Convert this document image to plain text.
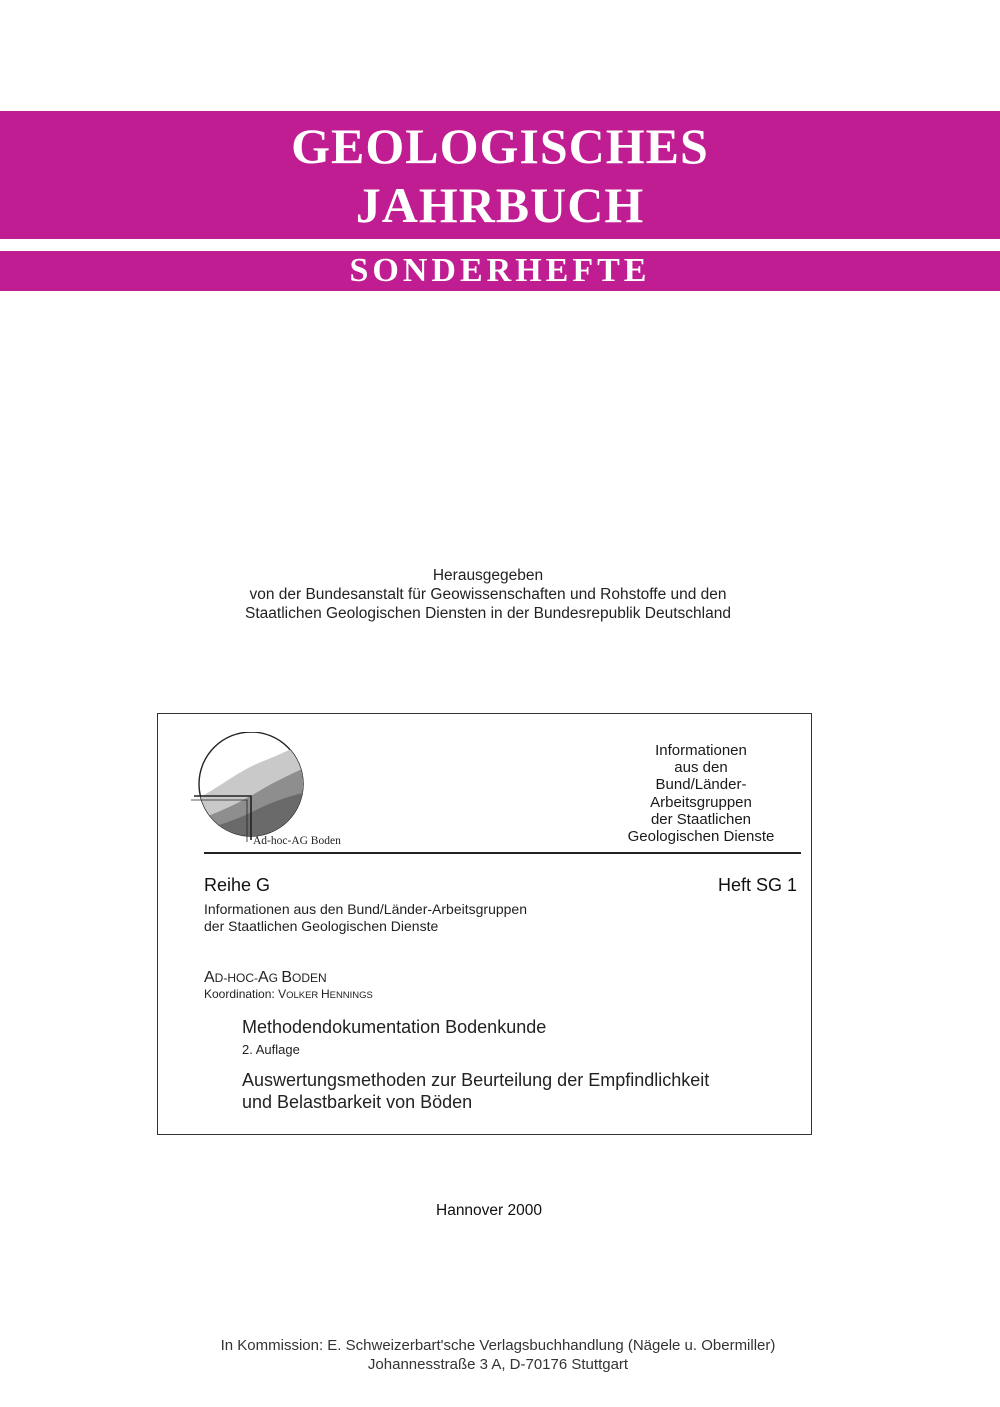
GEOLOGISCHES
JAHRBUCH
SONDERHEFTE
Herausgegeben
von der Bundesanstalt für Geowissenschaften und Rohstoffe und den
Staatlichen Geologischen Diensten in der Bundesrepublik Deutschland
Ad-hoc-AG Boden
Informationen
aus den
Bund/Länder-
Arbeitsgruppen
der Staatlichen
Geologischen Dienste
Reihe G	Heft SG 1
Informationen aus den Bund/Länder-Arbeitsgruppen
der Staatlichen Geologischen Dienste
AD-HOC-AG BODEN
Koordination: VOLKER HENNINGS
Methodendokumentation Bodenkunde
2. Auflage
Auswertungsmethoden zur Beurteilung der Empfindlichkeit
und Belastbarkeit von Böden
Hannover 2000
In Kommission: E. Schweizerbart'sche Verlagsbuchhandlung (Nägele u. Obermiller)
Johannesstraße 3 A, D-70176 Stuttgart
